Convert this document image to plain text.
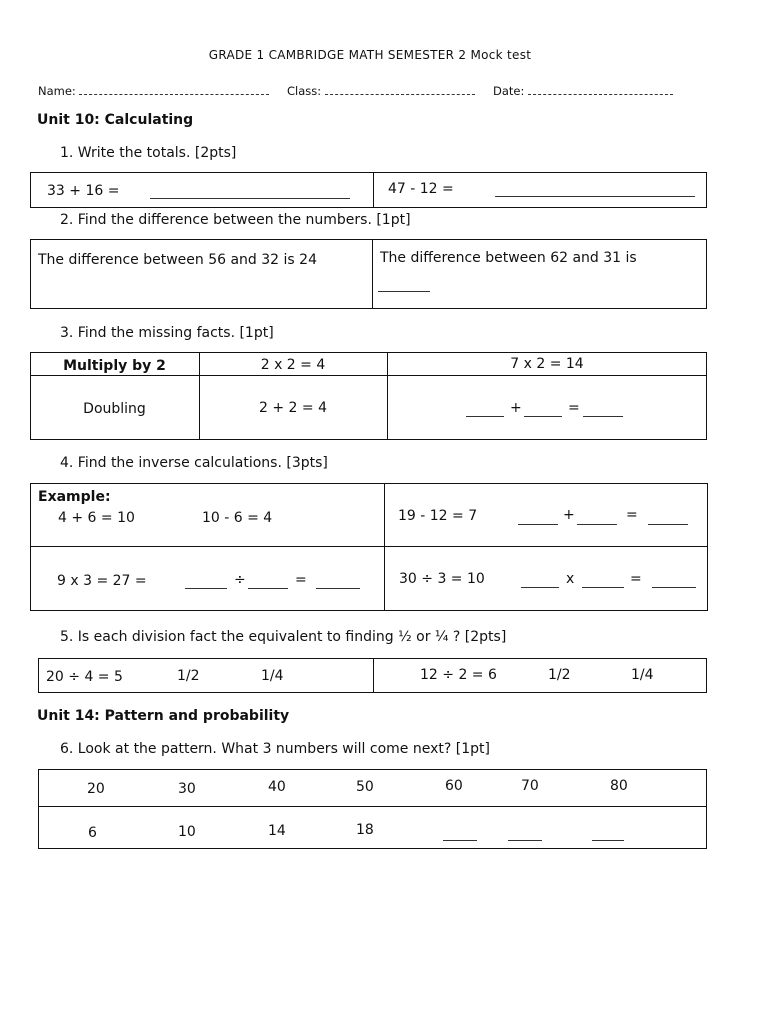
GRADE 1 CAMBRIDGE MATH SEMESTER 2 Mock test
Name:	Class:	Date:
Unit 10: Calculating
1. Write the totals. [2pts]
33 + 16 =	47 - 12 =
2. Find the difference between the numbers. [1pt]
The difference between 56 and 32 is 24	The difference between 62 and 31 is
3. Find the missing facts. [1pt]
Multiply by 2	2 x 2 = 4	7 x 2 = 14
Doubling	2 + 2 = 4	+	=
4. Find the inverse calculations. [3pts]
Example:
4 + 6 = 10	10 - 6 = 4	19 - 12 = 7	+	=
9 x 3 = 27 =	÷	=	30 ÷ 3 = 10	x	=
5. Is each division fact the equivalent to finding ½ or ¼ ? [2pts]
20 ÷ 4 = 5	1/2	1/4	12 ÷ 2 = 6	1/2	1/4
Unit 14: Pattern and probability
6. Look at the pattern. What 3 numbers will come next? [1pt]
20	30	40	50	60	70	80
6	10	14	18
